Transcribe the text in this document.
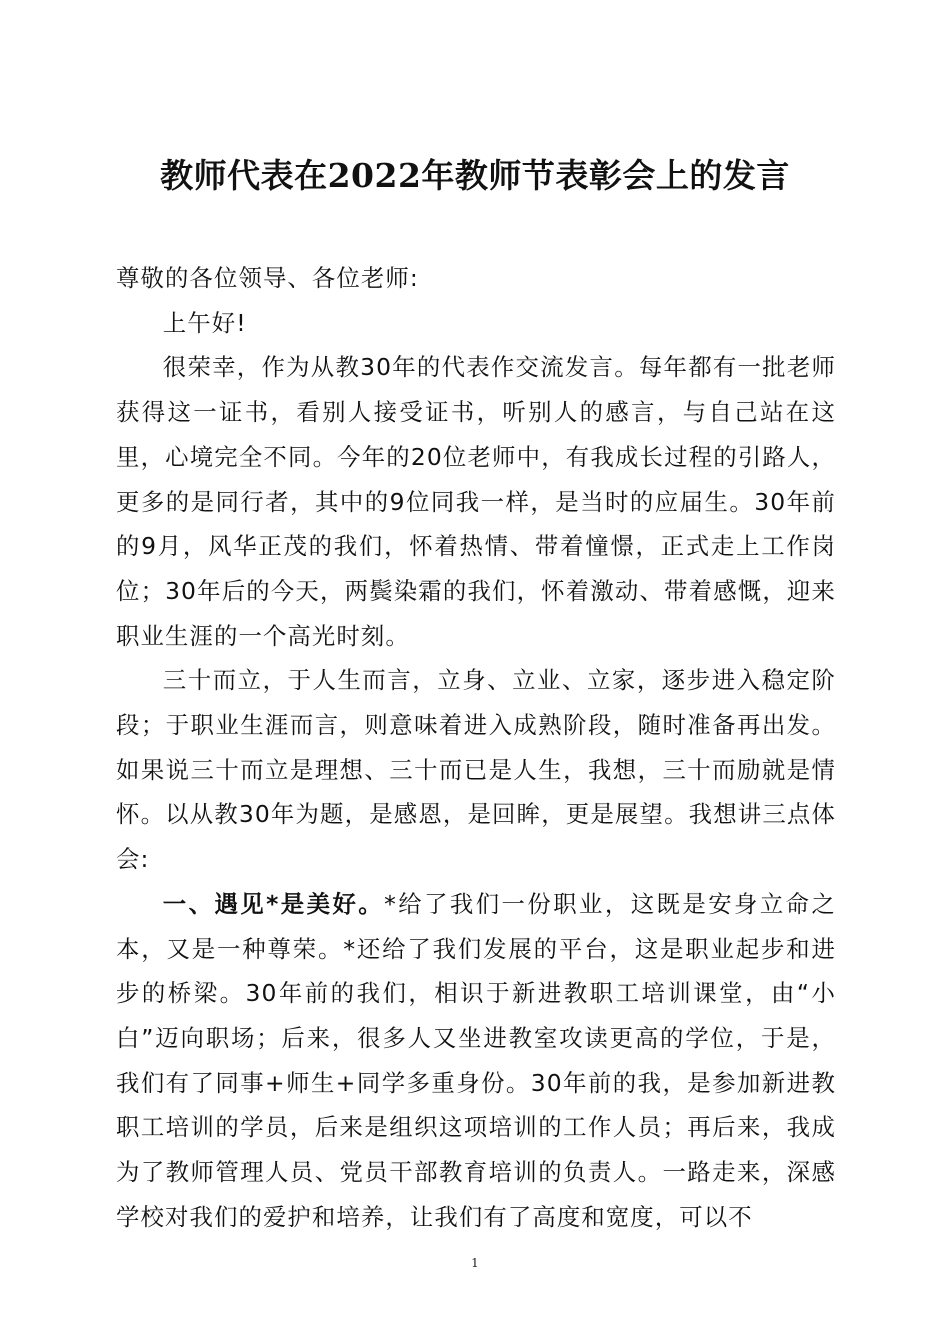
教师代表在2022年教师节表彰会上的发言

尊敬的各位领导、各位老师:

上午好!

很荣幸，作为从教30年的代表作交流发言。每年都有一批老师获得这一证书，看别人接受证书，听别人的感言，与自己站在这里，心境完全不同。今年的20位老师中，有我成长过程的引路人，更多的是同行者，其中的9位同我一样，是当时的应届生。30年前的9月，风华正茂的我们，怀着热情、带着憧憬，正式走上工作岗位；30年后的今天，两鬓染霜的我们，怀着激动、带着感慨，迎来职业生涯的一个高光时刻。

三十而立，于人生而言，立身、立业、立家，逐步进入稳定阶段；于职业生涯而言，则意味着进入成熟阶段，随时准备再出发。如果说三十而立是理想、三十而已是人生，我想，三十而励就是情怀。以从教30年为题，是感恩，是回眸，更是展望。我想讲三点体会:

一、遇见*是美好。*给了我们一份职业，这既是安身立命之本，又是一种尊荣。*还给了我们发展的平台，这是职业起步和进步的桥梁。30年前的我们，相识于新进教职工培训课堂，由“小白”迈向职场；后来，很多人又坐进教室攻读更高的学位，于是，我们有了同事+师生+同学多重身份。30年前的我，是参加新进教职工培训的学员，后来是组织这项培训的工作人员；再后来，我成为了教师管理人员、党员干部教育培训的负责人。一路走来，深感学校对我们的爱护和培养，让我们有了高度和宽度，可以不

1
